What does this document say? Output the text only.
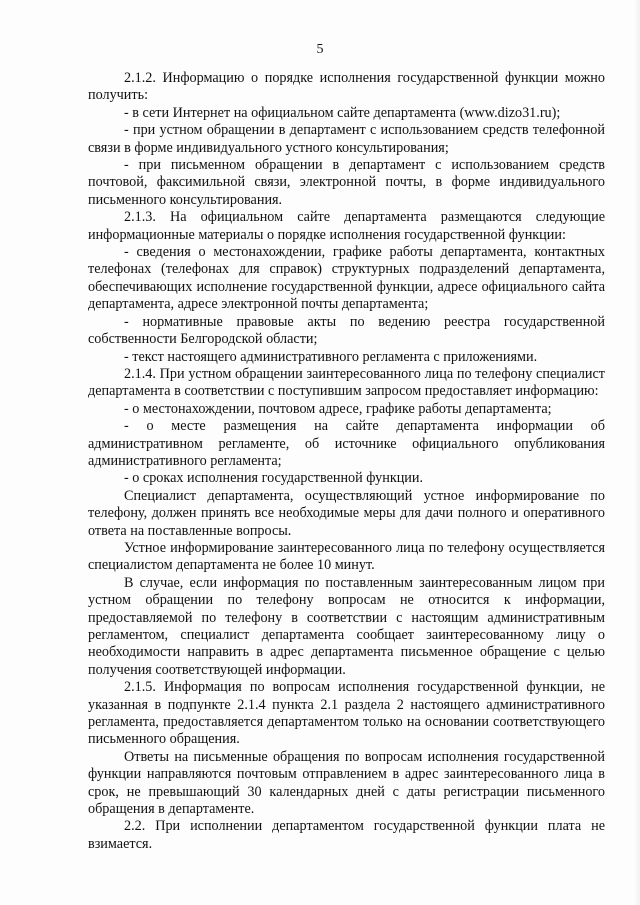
5

2.1.2. Информацию о порядке исполнения государственной функции можно получить:

- в сети Интернет на официальном сайте департамента (www.dizo31.ru);

- при устном обращении в департамент с использованием средств телефонной связи в форме индивидуального устного консультирования;

- при письменном обращении в департамент с использованием средств почтовой, факсимильной связи, электронной почты, в форме индивидуального письменного консультирования.

2.1.3. На официальном сайте департамента размещаются следующие информационные материалы о порядке исполнения государственной функции:

- сведения о местонахождении, графике работы департамента, контактных телефонах (телефонах для справок) структурных подразделений департамента, обеспечивающих исполнение государственной функции, адресе официального сайта департамента, адресе электронной почты департамента;

- нормативные правовые акты по ведению реестра государственной собственности Белгородской области;

- текст настоящего административного регламента с приложениями.

2.1.4. При устном обращении заинтересованного лица по телефону специалист департамента в соответствии с поступившим запросом предоставляет информацию:

- о местонахождении, почтовом адресе, графике работы департамента;

- о месте размещения на сайте департамента информации об административном регламенте, об источнике официального опубликования административного регламента;

- о сроках исполнения государственной функции.

Специалист департамента, осуществляющий устное информирование по телефону, должен принять все необходимые меры для дачи полного и оперативного ответа на поставленные вопросы.

Устное информирование заинтересованного лица по телефону осуществляется специалистом департамента не более 10 минут.

В случае, если информация по поставленным заинтересованным лицом при устном обращении по телефону вопросам не относится к информации, предоставляемой по телефону в соответствии с настоящим административным регламентом, специалист департамента сообщает заинтересованному лицу о необходимости направить в адрес департамента письменное обращение с целью получения соответствующей информации.

2.1.5. Информация по вопросам исполнения государственной функции, не указанная в подпункте 2.1.4 пункта 2.1 раздела 2 настоящего административного регламента, предоставляется департаментом только на основании соответствующего письменного обращения.

Ответы на письменные обращения по вопросам исполнения государственной функции направляются почтовым отправлением в адрес заинтересованного лица в срок, не превышающий 30 календарных дней с даты регистрации письменного обращения в департаменте.

2.2. При исполнении департаментом государственной функции плата не взимается.
